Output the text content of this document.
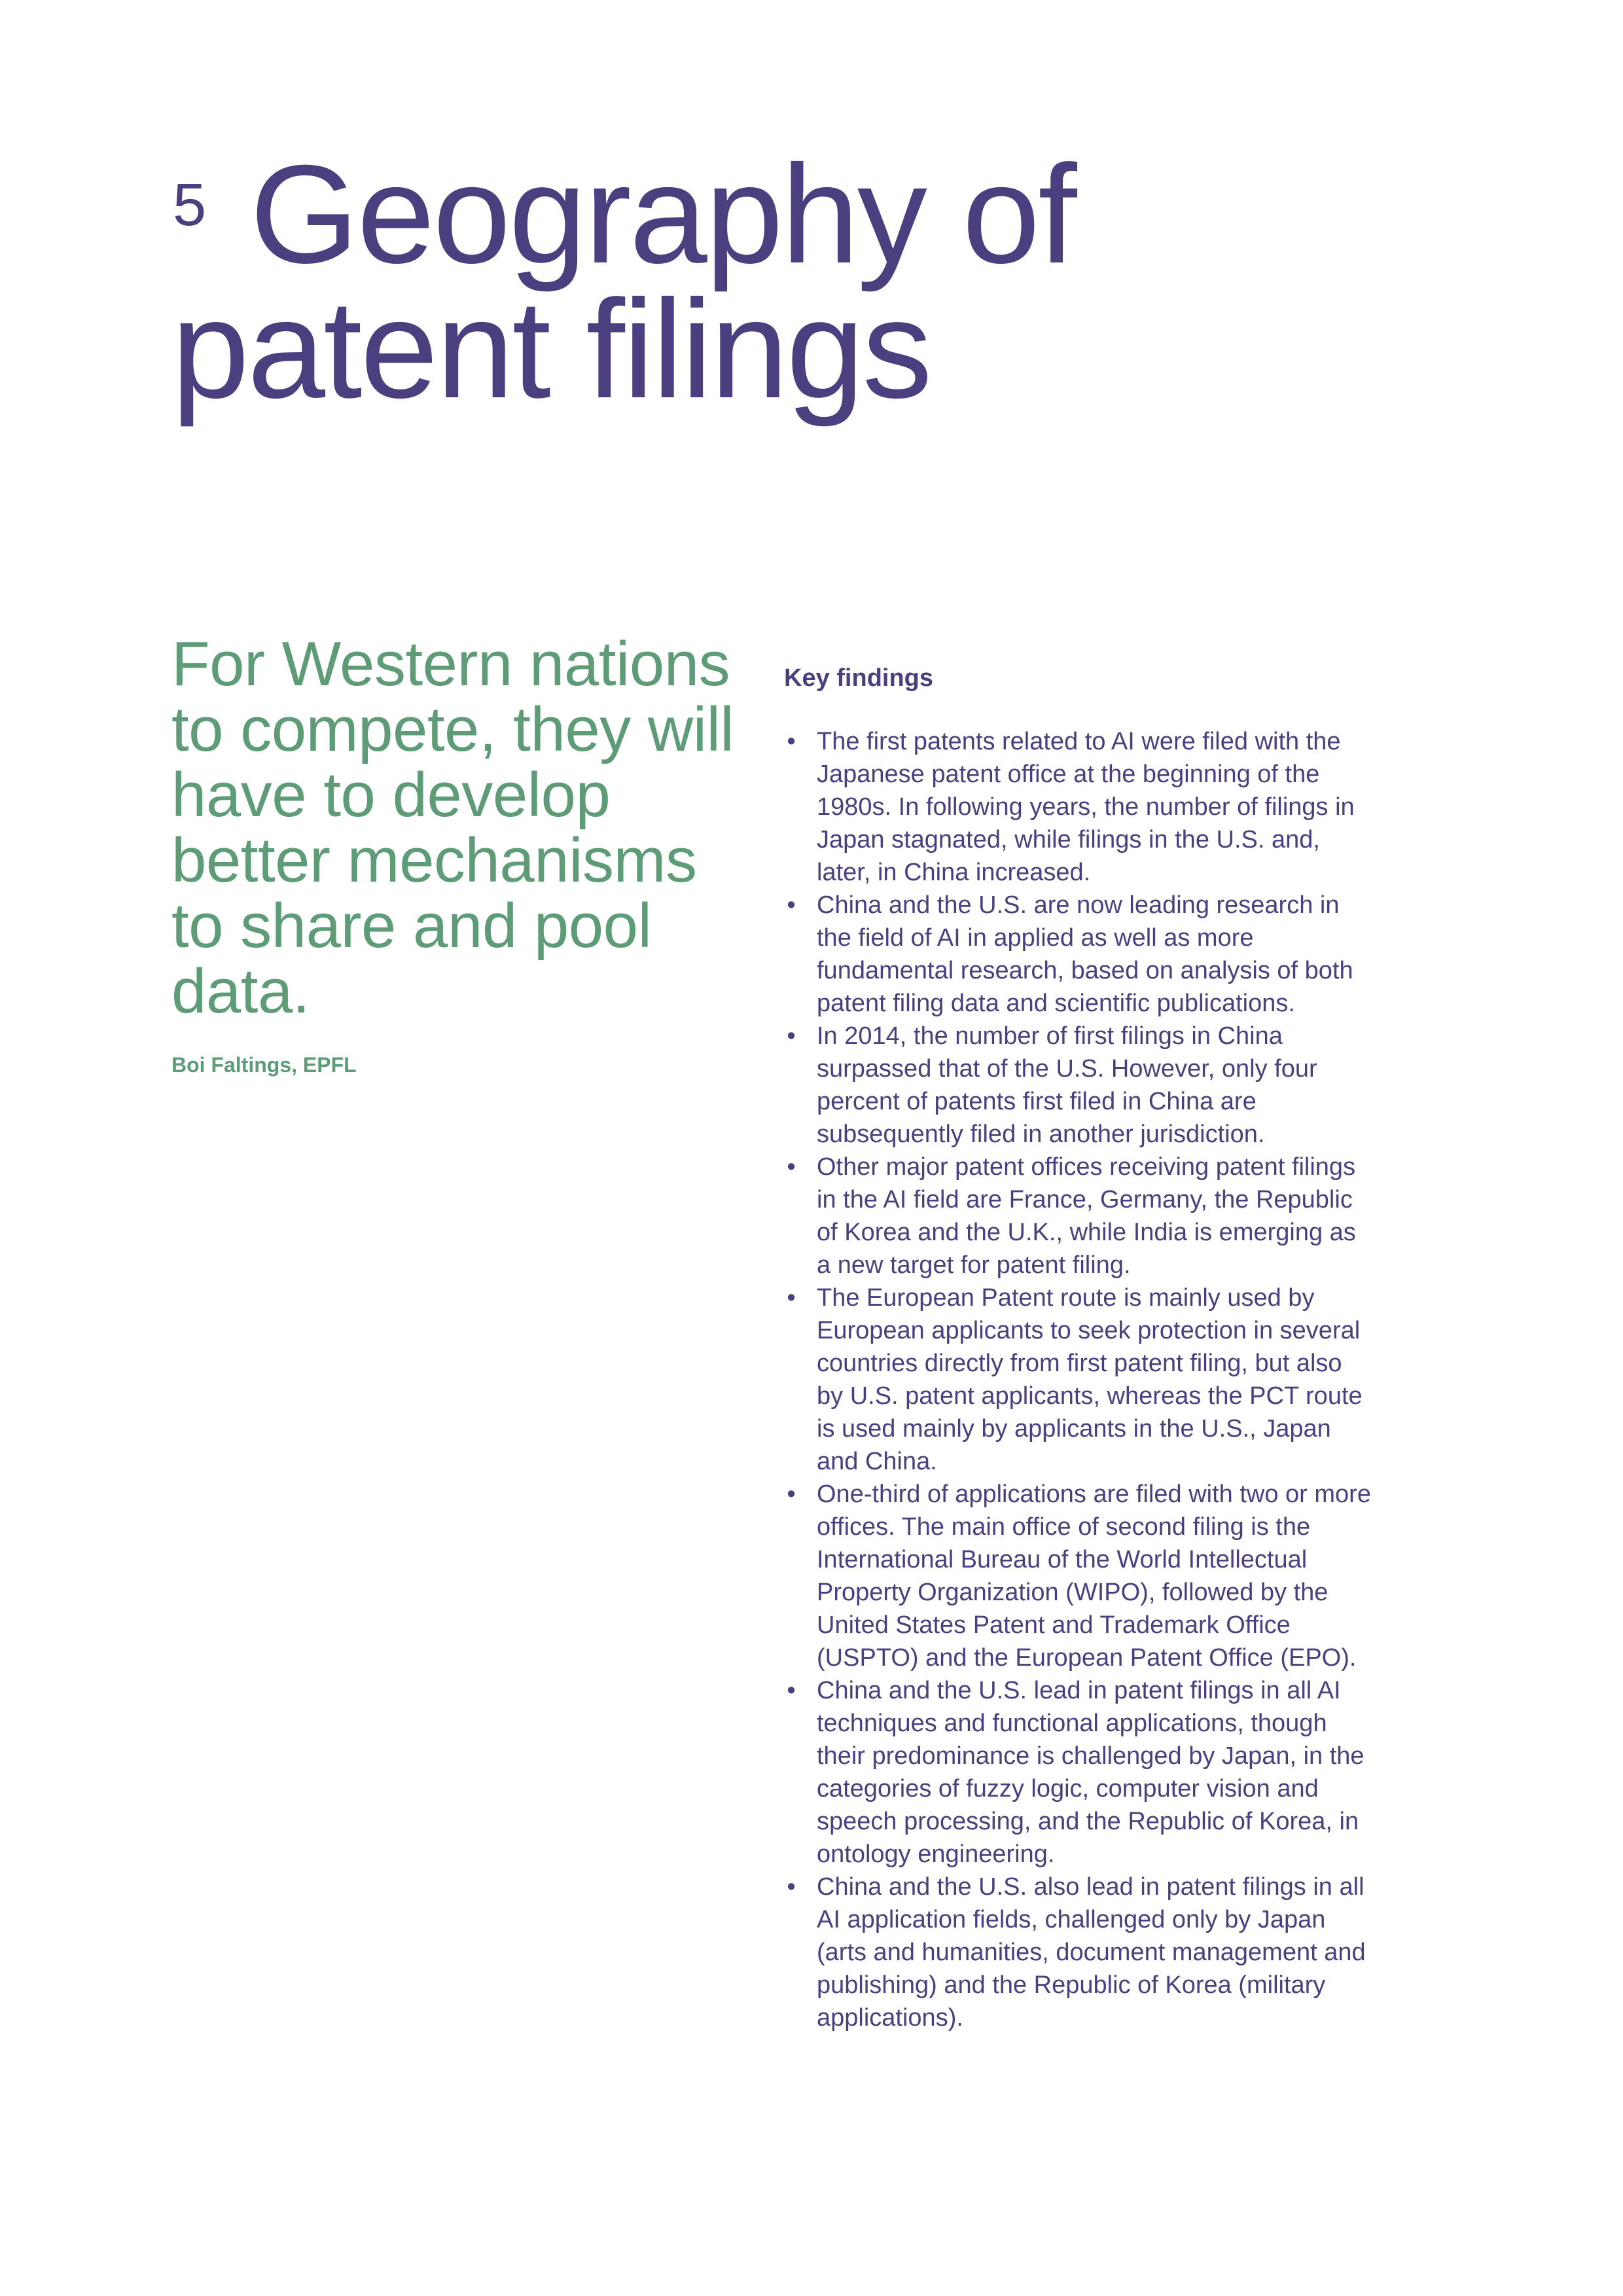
5 Geography of patent filings

For Western nations to compete, they will have to develop better mechanisms to share and pool data.

Boi Faltings, EPFL
Key findings
• The first patents related to AI were filed with the Japanese patent office at the beginning of the 1980s. In following years, the number of filings in Japan stagnated, while filings in the U.S. and, later, in China increased.
• China and the U.S. are now leading research in the field of AI in applied as well as more fundamental research, based on analysis of both patent filing data and scientific publications.
• In 2014, the number of first filings in China surpassed that of the U.S. However, only four percent of patents first filed in China are subsequently filed in another jurisdiction.
• Other major patent offices receiving patent filings in the AI field are France, Germany, the Republic of Korea and the U.K., while India is emerging as a new target for patent filing.
• The European Patent route is mainly used by European applicants to seek protection in several countries directly from first patent filing, but also by U.S. patent applicants, whereas the PCT route is used mainly by applicants in the U.S., Japan and China.
• One-third of applications are filed with two or more offices. The main office of second filing is the International Bureau of the World Intellectual Property Organization (WIPO), followed by the United States Patent and Trademark Office (USPTO) and the European Patent Office (EPO).
• China and the U.S. lead in patent filings in all AI techniques and functional applications, though their predominance is challenged by Japan, in the categories of fuzzy logic, computer vision and speech processing, and the Republic of Korea, in ontology engineering.
• China and the U.S. also lead in patent filings in all AI application fields, challenged only by Japan (arts and humanities, document management and publishing) and the Republic of Korea (military applications).
